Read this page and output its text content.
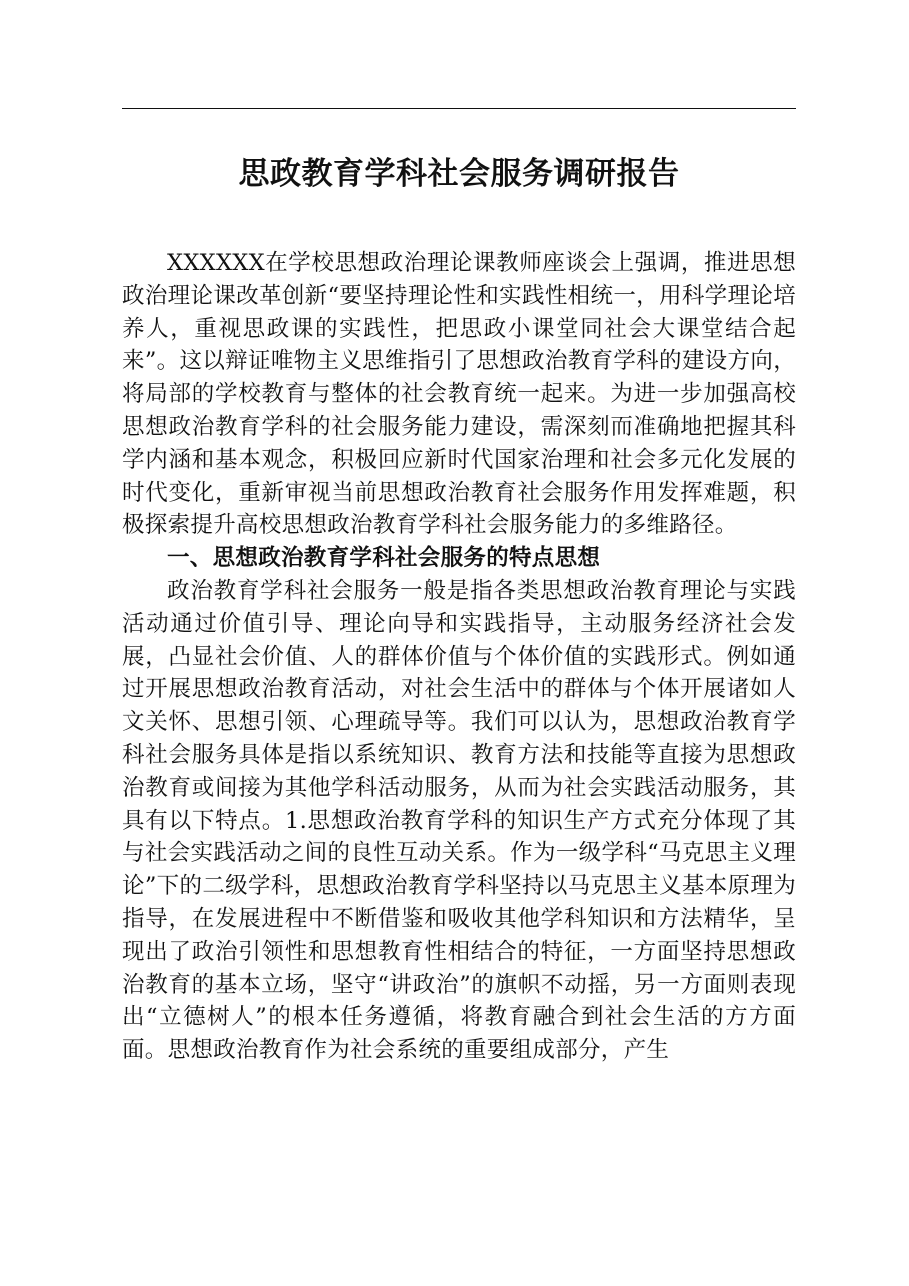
思政教育学科社会服务调研报告

XXXXXX在学校思想政治理论课教师座谈会上强调，推进思想政治理论课改革创新“要坚持理论性和实践性相统一，用科学理论培养人，重视思政课的实践性，把思政小课堂同社会大课堂结合起来”。这以辩证唯物主义思维指引了思想政治教育学科的建设方向，将局部的学校教育与整体的社会教育统一起来。为进一步加强高校思想政治教育学科的社会服务能力建设，需深刻而准确地把握其科学内涵和基本观念，积极回应新时代国家治理和社会多元化发展的时代变化，重新审视当前思想政治教育社会服务作用发挥难题，积极探索提升高校思想政治教育学科社会服务能力的多维路径。

一、思想政治教育学科社会服务的特点思想

政治教育学科社会服务一般是指各类思想政治教育理论与实践活动通过价值引导、理论向导和实践指导，主动服务经济社会发展，凸显社会价值、人的群体价值与个体价值的实践形式。例如通过开展思想政治教育活动，对社会生活中的群体与个体开展诸如人文关怀、思想引领、心理疏导等。我们可以认为，思想政治教育学科社会服务具体是指以系统知识、教育方法和技能等直接为思想政治教育或间接为其他学科活动服务，从而为社会实践活动服务，其具有以下特点。1.思想政治教育学科的知识生产方式充分体现了其与社会实践活动之间的良性互动关系。作为一级学科“马克思主义理论”下的二级学科，思想政治教育学科坚持以马克思主义基本原理为指导，在发展进程中不断借鉴和吸收其他学科知识和方法精华，呈现出了政治引领性和思想教育性相结合的特征，一方面坚持思想政治教育的基本立场，坚守“讲政治”的旗帜不动摇，另一方面则表现出“立德树人”的根本任务遵循，将教育融合到社会生活的方方面面。思想政治教育作为社会系统的重要组成部分，产生
